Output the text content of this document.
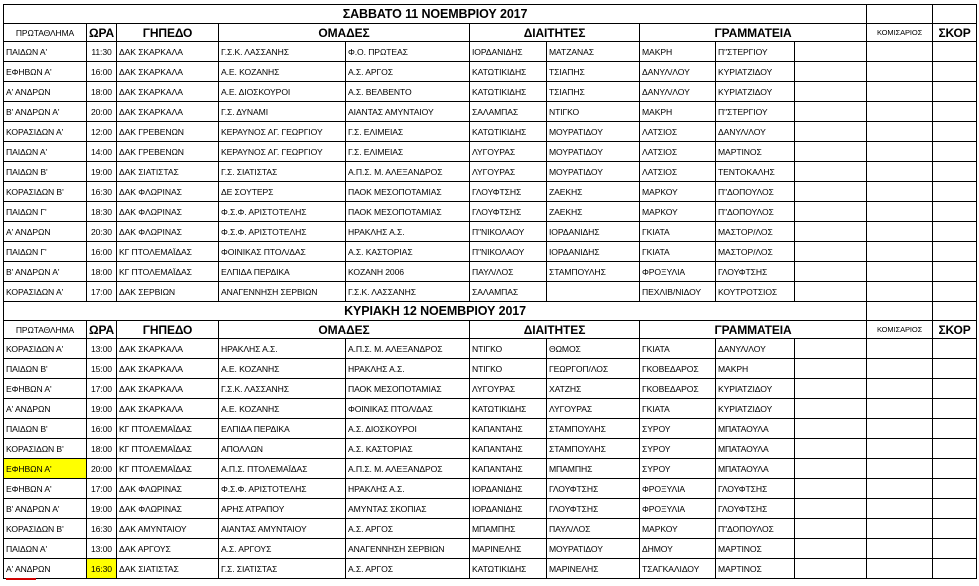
ΣΑΒΒΑΤΟ 11 ΝΟΕΜΒΡΙΟΥ 2017											
ΠΡΩΤΑΘΛΗΜΑ	ΩΡΑ	ΓΗΠΕΔΟ	ΟΜΑΔΕΣ		ΔΙΑΙΤΗΤΕΣ		ΓΡΑΜΜΑΤΕΙΑ			ΚΟΜΙΣΑΡΙΟΣ	ΣΚΟΡ
ΠΑΙΔΩΝ Α'	11:30	ΔΑΚ ΣΚΑΡΚΑΛΑ	Γ.Σ.Κ. ΛΑΣΣΑΝΗΣ	Φ.Ο. ΠΡΩΤΕΑΣ	ΙΟΡΔΑΝΙΔΗΣ	ΜΑΤΖΑΝΑΣ	ΜΑΚΡΗ	Π"ΣΤΕΡΓΙΟΥ			
ΕΦΗΒΩΝ Α'	16:00	ΔΑΚ ΣΚΑΡΚΑΛΑ	Α.Ε. ΚΟΖΑΝΗΣ	Α.Σ. ΑΡΓΟΣ	ΚΑΤΩΤΙΚΙΔΗΣ	ΤΣΙΑΠΗΣ	ΔΑΝΥΛ/ΛΟΥ	ΚΥΡΙΑΤΖΙΔΟΥ			
Α' ΑΝΔΡΩΝ	18:00	ΔΑΚ ΣΚΑΡΚΑΛΑ	Α.Ε. ΔΙΟΣΚΟΥΡΟΙ	Α.Σ. ΒΕΛΒΕΝΤΟ	ΚΑΤΩΤΙΚΙΔΗΣ	ΤΣΙΑΠΗΣ	ΔΑΝΥΛ/ΛΟΥ	ΚΥΡΙΑΤΖΙΔΟΥ			
Β' ΑΝΔΡΩΝ Α'	20:00	ΔΑΚ ΣΚΑΡΚΑΛΑ	Γ.Σ. ΔΥΝΑΜΙ	ΑΙΑΝΤΑΣ ΑΜΥΝΤΑΙΟΥ	ΣΑΛΑΜΠΑΣ	ΝΤΙΓΚΟ	ΜΑΚΡΗ	Π"ΣΤΕΡΓΙΟΥ			
ΚΟΡΑΣΙΔΩΝ Α'	12:00	ΔΑΚ ΓΡΕΒΕΝΩΝ	ΚΕΡΑΥΝΟΣ ΑΓ. ΓΕΩΡΓΙΟΥ	Γ.Σ. ΕΛΙΜΕΙΑΣ	ΚΑΤΩΤΙΚΙΔΗΣ	ΜΟΥΡΑΤΙΔΟΥ	ΛΑΤΣΙΟΣ	ΔΑΝΥΛ/ΛΟΥ			
ΠΑΙΔΩΝ Α'	14:00	ΔΑΚ ΓΡΕΒΕΝΩΝ	ΚΕΡΑΥΝΟΣ ΑΓ. ΓΕΩΡΓΙΟΥ	Γ.Σ. ΕΛΙΜΕΙΑΣ	ΛΥΓΟΥΡΑΣ	ΜΟΥΡΑΤΙΔΟΥ	ΛΑΤΣΙΟΣ	ΜΑΡΤΙΝΟΣ			
ΠΑΙΔΩΝ Β'	19:00	ΔΑΚ ΣΙΑΤΙΣΤΑΣ	Γ.Σ. ΣΙΑΤΙΣΤΑΣ	Α.Π.Σ. Μ. ΑΛΕΞΑΝΔΡΟΣ	ΛΥΓΟΥΡΑΣ	ΜΟΥΡΑΤΙΔΟΥ	ΛΑΤΣΙΟΣ	ΤΕΝΤΟΚΑΛΗΣ			
ΚΟΡΑΣΙΔΩΝ Β'	16:30	ΔΑΚ ΦΛΩΡΙΝΑΣ	ΔΕ ΣΟΥΤΕΡΣ	ΠΑΟΚ ΜΕΣΟΠΟΤΑΜΙΑΣ	ΓΛΟΥΦΤΣΗΣ	ΖΑΕΚΗΣ	ΜΑΡΚΟΥ	Π"ΔΟΠΟΥΛΟΣ			
ΠΑΙΔΩΝ Γ'	18:30	ΔΑΚ ΦΛΩΡΙΝΑΣ	Φ.Σ.Φ. ΑΡΙΣΤΟΤΕΛΗΣ	ΠΑΟΚ ΜΕΣΟΠΟΤΑΜΙΑΣ	ΓΛΟΥΦΤΣΗΣ	ΖΑΕΚΗΣ	ΜΑΡΚΟΥ	Π"ΔΟΠΟΥΛΟΣ			
Α' ΑΝΔΡΩΝ	20:30	ΔΑΚ ΦΛΩΡΙΝΑΣ	Φ.Σ.Φ. ΑΡΙΣΤΟΤΕΛΗΣ	ΗΡΑΚΛΗΣ Α.Σ.	Π"ΝΙΚΟΛΑΟΥ	ΙΟΡΔΑΝΙΔΗΣ	ΓΚΙΑΤΑ	ΜΑΣΤΟΡ/ΛΟΣ			
ΠΑΙΔΩΝ Γ'	16:00	ΚΓ ΠΤΟΛΕΜΑΪΔΑΣ	ΦΟΙΝΙΚΑΣ ΠΤΟΛ/ΔΑΣ	Α.Σ. ΚΑΣΤΟΡΙΑΣ	Π"ΝΙΚΟΛΑΟΥ	ΙΟΡΔΑΝΙΔΗΣ	ΓΚΙΑΤΑ	ΜΑΣΤΟΡ/ΛΟΣ			
Β' ΑΝΔΡΩΝ Α'	18:00	ΚΓ ΠΤΟΛΕΜΑΪΔΑΣ	ΕΛΠΙΔΑ ΠΕΡΔΙΚΑ	ΚΟΖΑΝΗ 2006	ΠΑΥΛ/ΛΟΣ	ΣΤΑΜΠΟΥΛΗΣ	ΦΡΟΞΥΛΙΑ	ΓΛΟΥΦΤΣΗΣ			
ΚΟΡΑΣΙΔΩΝ Α'	17:00	ΔΑΚ ΣΕΡΒΙΩΝ	ΑΝΑΓΕΝΝΗΣΗ ΣΕΡΒΙΩΝ	Γ.Σ.Κ. ΛΑΣΣΑΝΗΣ	ΣΑΛΑΜΠΑΣ		ΠΕΧΛΙΒ/ΝΙΔΟΥ	ΚΟΥΤΡΟΤΣΙΟΣ			
ΚΥΡΙΑΚΗ 12 ΝΟΕΜΒΡΙΟΥ 2017											
ΠΡΩΤΑΘΛΗΜΑ	ΩΡΑ	ΓΗΠΕΔΟ	ΟΜΑΔΕΣ		ΔΙΑΙΤΗΤΕΣ		ΓΡΑΜΜΑΤΕΙΑ			ΚΟΜΙΣΑΡΙΟΣ	ΣΚΟΡ
ΚΟΡΑΣΙΔΩΝ Α'	13:00	ΔΑΚ ΣΚΑΡΚΑΛΑ	ΗΡΑΚΛΗΣ Α.Σ.	Α.Π.Σ. Μ. ΑΛΕΞΑΝΔΡΟΣ	ΝΤΙΓΚΟ	ΘΩΜΟΣ	ΓΚΙΑΤΑ	ΔΑΝΥΛ/ΛΟΥ			
ΠΑΙΔΩΝ Β'	15:00	ΔΑΚ ΣΚΑΡΚΑΛΑ	Α.Ε. ΚΟΖΑΝΗΣ	ΗΡΑΚΛΗΣ Α.Σ.	ΝΤΙΓΚΟ	ΓΕΩΡΓΟΠ/ΛΟΣ	ΓΚΟΒΕΔΑΡΟΣ	ΜΑΚΡΗ			
ΕΦΗΒΩΝ Α'	17:00	ΔΑΚ ΣΚΑΡΚΑΛΑ	Γ.Σ.Κ. ΛΑΣΣΑΝΗΣ	ΠΑΟΚ ΜΕΣΟΠΟΤΑΜΙΑΣ	ΛΥΓΟΥΡΑΣ	ΧΑΤΖΗΣ	ΓΚΟΒΕΔΑΡΟΣ	ΚΥΡΙΑΤΖΙΔΟΥ			
Α' ΑΝΔΡΩΝ	19:00	ΔΑΚ ΣΚΑΡΚΑΛΑ	Α.Ε. ΚΟΖΑΝΗΣ	ΦΟΙΝΙΚΑΣ ΠΤΟΛ/ΔΑΣ	ΚΑΤΩΤΙΚΙΔΗΣ	ΛΥΓΟΥΡΑΣ	ΓΚΙΑΤΑ	ΚΥΡΙΑΤΖΙΔΟΥ			
ΠΑΙΔΩΝ Β'	16:00	ΚΓ ΠΤΟΛΕΜΑΪΔΑΣ	ΕΛΠΙΔΑ ΠΕΡΔΙΚΑ	Α.Σ. ΔΙΟΣΚΟΥΡΟΙ	ΚΑΠΑΝΤΑΗΣ	ΣΤΑΜΠΟΥΛΗΣ	ΣΥΡΟΥ	ΜΠΑΤΑΟΥΛΑ			
ΚΟΡΑΣΙΔΩΝ Β'	18:00	ΚΓ ΠΤΟΛΕΜΑΪΔΑΣ	ΑΠΟΛΛΩΝ	Α.Σ. ΚΑΣΤΟΡΙΑΣ	ΚΑΠΑΝΤΑΗΣ	ΣΤΑΜΠΟΥΛΗΣ	ΣΥΡΟΥ	ΜΠΑΤΑΟΥΛΑ			
ΕΦΗΒΩΝ Α'	20:00	ΚΓ ΠΤΟΛΕΜΑΪΔΑΣ	Α.Π.Σ. ΠΤΟΛΕΜΑΪΔΑΣ	Α.Π.Σ. Μ. ΑΛΕΞΑΝΔΡΟΣ	ΚΑΠΑΝΤΑΗΣ	ΜΠΑΜΠΗΣ	ΣΥΡΟΥ	ΜΠΑΤΑΟΥΛΑ			
ΕΦΗΒΩΝ Α'	17:00	ΔΑΚ ΦΛΩΡΙΝΑΣ	Φ.Σ.Φ. ΑΡΙΣΤΟΤΕΛΗΣ	ΗΡΑΚΛΗΣ Α.Σ.	ΙΟΡΔΑΝΙΔΗΣ	ΓΛΟΥΦΤΣΗΣ	ΦΡΟΞΥΛΙΑ	ΓΛΟΥΦΤΣΗΣ			
Β' ΑΝΔΡΩΝ Α'	19:00	ΔΑΚ ΦΛΩΡΙΝΑΣ	ΑΡΗΣ ΑΤΡΑΠΟΥ	ΑΜΥΝΤΑΣ ΣΚΟΠΙΑΣ	ΙΟΡΔΑΝΙΔΗΣ	ΓΛΟΥΦΤΣΗΣ	ΦΡΟΞΥΛΙΑ	ΓΛΟΥΦΤΣΗΣ			
ΚΟΡΑΣΙΔΩΝ Β'	16:30	ΔΑΚ ΑΜΥΝΤΑΙΟΥ	ΑΙΑΝΤΑΣ ΑΜΥΝΤΑΙΟΥ	Α.Σ. ΑΡΓΟΣ	ΜΠΑΜΠΗΣ	ΠΑΥΛ/ΛΟΣ	ΜΑΡΚΟΥ	Π"ΔΟΠΟΥΛΟΣ			
ΠΑΙΔΩΝ Α'	13:00	ΔΑΚ ΑΡΓΟΥΣ	Α.Σ. ΑΡΓΟΥΣ	ΑΝΑΓΕΝΝΗΣΗ ΣΕΡΒΙΩΝ	ΜΑΡΙΝΕΛΗΣ	ΜΟΥΡΑΤΙΔΟΥ	ΔΗΜΟΥ	ΜΑΡΤΙΝΟΣ			
Α' ΑΝΔΡΩΝ	16:30	ΔΑΚ ΣΙΑΤΙΣΤΑΣ	Γ.Σ. ΣΙΑΤΙΣΤΑΣ	Α.Σ. ΑΡΓΟΣ	ΚΑΤΩΤΙΚΙΔΗΣ	ΜΑΡΙΝΕΛΗΣ	ΤΣΑΓΚΑΛΙΔΟΥ	ΜΑΡΤΙΝΟΣ			
